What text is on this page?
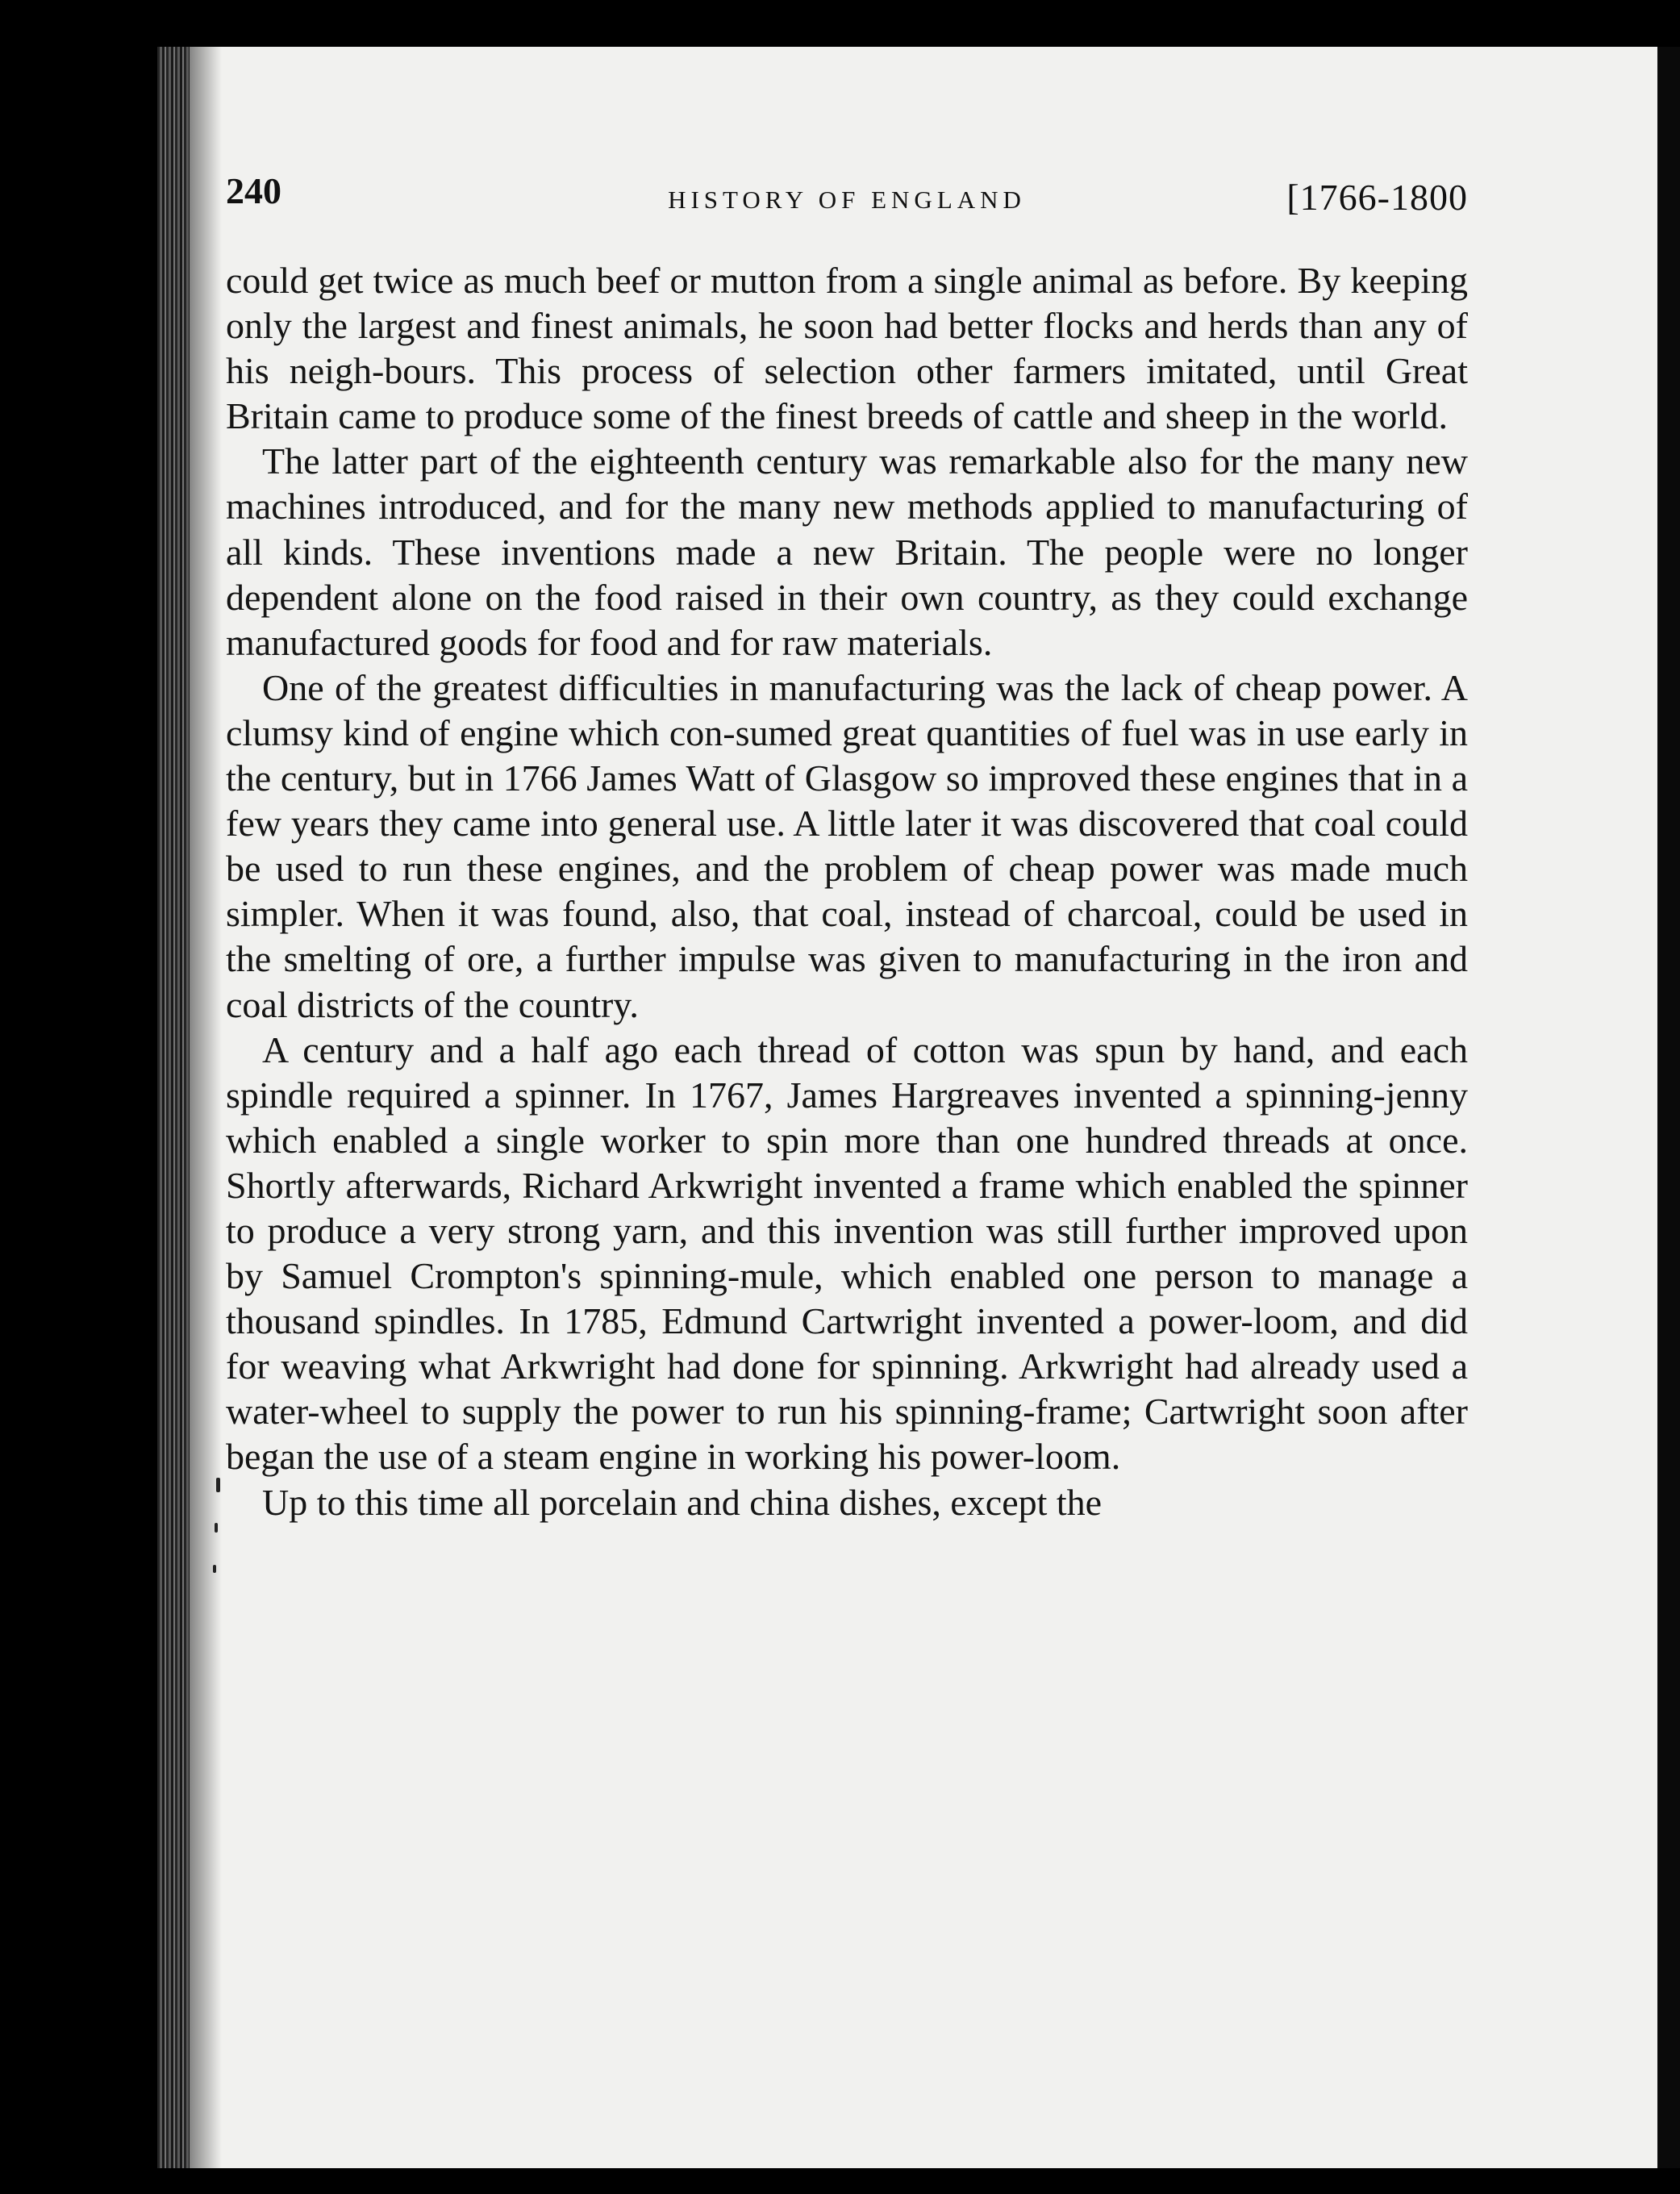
240	HISTORY OF ENGLAND	[1766-1800

could get twice as much beef or mutton from a single animal as before. By keeping only the largest and finest animals, he soon had better flocks and herds than any of his neigh-bours. This process of selection other farmers imitated, until Great Britain came to produce some of the finest breeds of cattle and sheep in the world.

The latter part of the eighteenth century was remarkable also for the many new machines introduced, and for the many new methods applied to manufacturing of all kinds. These inventions made a new Britain. The people were no longer dependent alone on the food raised in their own country, as they could exchange manufactured goods for food and for raw materials.

One of the greatest difficulties in manufacturing was the lack of cheap power. A clumsy kind of engine which con-sumed great quantities of fuel was in use early in the century, but in 1766 James Watt of Glasgow so improved these engines that in a few years they came into general use. A little later it was discovered that coal could be used to run these engines, and the problem of cheap power was made much simpler. When it was found, also, that coal, instead of charcoal, could be used in the smelting of ore, a further impulse was given to manufacturing in the iron and coal districts of the country.

A century and a half ago each thread of cotton was spun by hand, and each spindle required a spinner. In 1767, James Hargreaves invented a spinning-jenny which enabled a single worker to spin more than one hundred threads at once. Shortly afterwards, Richard Arkwright invented a frame which enabled the spinner to produce a very strong yarn, and this invention was still further improved upon by Samuel Crompton's spinning-mule, which enabled one person to manage a thousand spindles. In 1785, Edmund Cartwright invented a power-loom, and did for weaving what Arkwright had done for spinning. Arkwright had already used a water-wheel to supply the power to run his spinning-frame; Cartwright soon after began the use of a steam engine in working his power-loom.

Up to this time all porcelain and china dishes, except the
